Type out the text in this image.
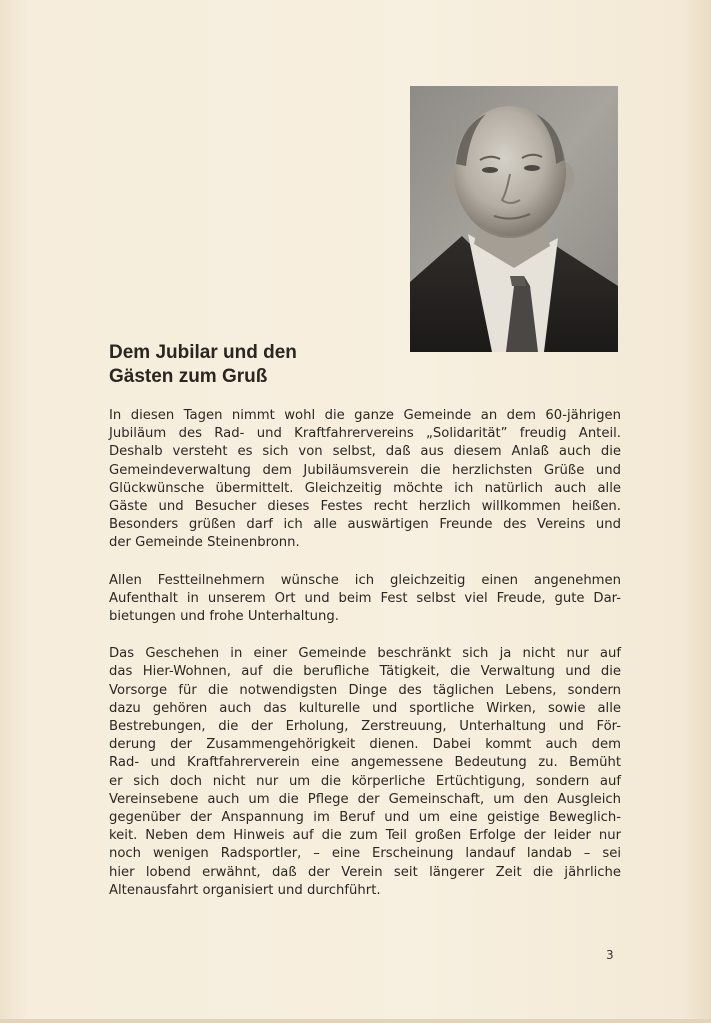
Dem Jubilar und den
Gästen zum Gruß

In diesen Tagen nimmt wohl die ganze Gemeinde an dem 60-jährigen
Jubiläum des Rad- und Kraftfahrervereins „Solidarität” freudig Anteil.
Deshalb versteht es sich von selbst, daß aus diesem Anlaß auch die
Gemeindeverwaltung dem Jubiläumsverein die herzlichsten Grüße und
Glückwünsche übermittelt. Gleichzeitig möchte ich natürlich auch alle
Gäste und Besucher dieses Festes recht herzlich willkommen heißen.
Besonders grüßen darf ich alle auswärtigen Freunde des Vereins und
der Gemeinde Steinenbronn.

Allen Festteilnehmern wünsche ich gleichzeitig einen angenehmen
Aufenthalt in unserem Ort und beim Fest selbst viel Freude, gute Dar-
bietungen und frohe Unterhaltung.

Das Geschehen in einer Gemeinde beschränkt sich ja nicht nur auf
das Hier-Wohnen, auf die berufliche Tätigkeit, die Verwaltung und die
Vorsorge für die notwendigsten Dinge des täglichen Lebens, sondern
dazu gehören auch das kulturelle und sportliche Wirken, sowie alle
Bestrebungen, die der Erholung, Zerstreuung, Unterhaltung und För-
derung der Zusammengehörigkeit dienen. Dabei kommt auch dem
Rad- und Kraftfahrerverein eine angemessene Bedeutung zu. Bemüht
er sich doch nicht nur um die körperliche Ertüchtigung, sondern auf
Vereinsebene auch um die Pflege der Gemeinschaft, um den Ausgleich
gegenüber der Anspannung im Beruf und um eine geistige Beweglich-
keit. Neben dem Hinweis auf die zum Teil großen Erfolge der leider nur
noch wenigen Radsportler, – eine Erscheinung landauf landab – sei
hier lobend erwähnt, daß der Verein seit längerer Zeit die jährliche
Altenausfahrt organisiert und durchführt.

3
